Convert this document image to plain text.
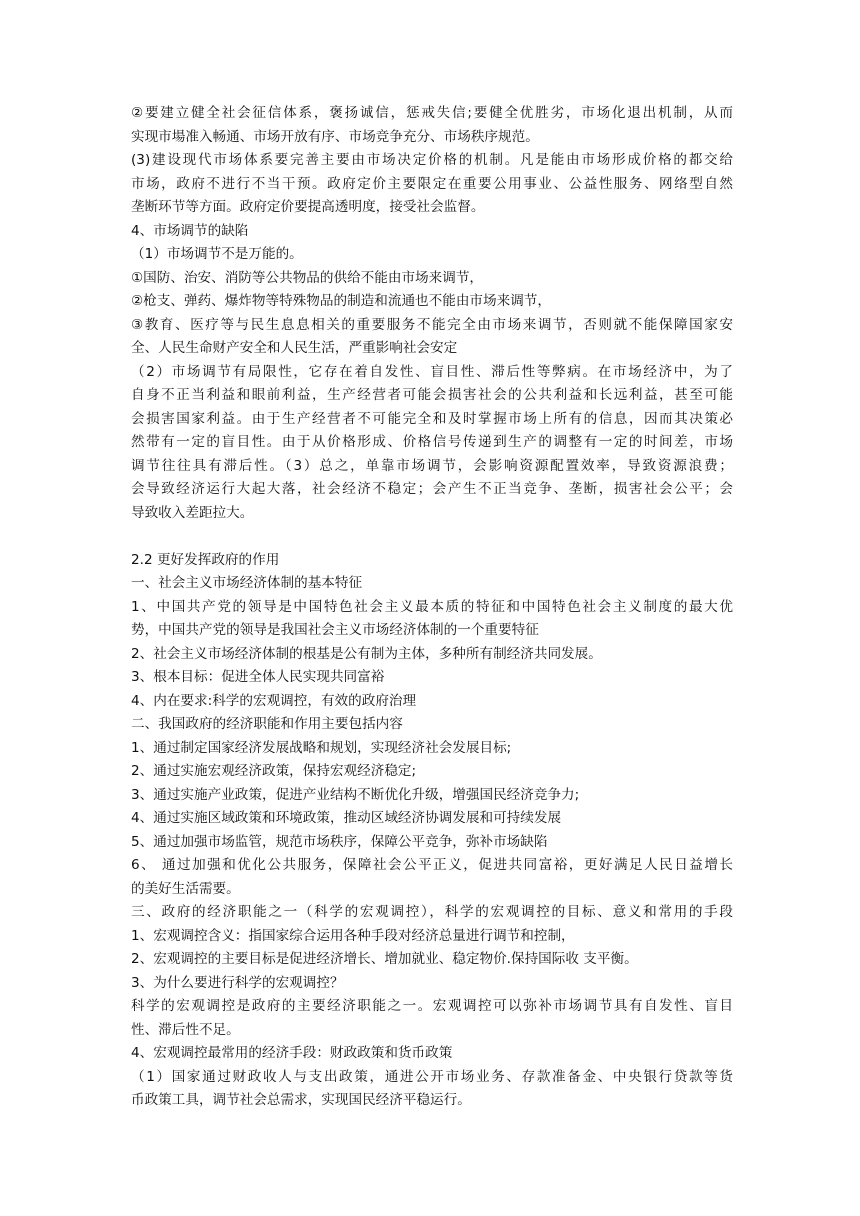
②要建立健全社会征信体系，褒扬诚信，惩戒失信;要健全优胜劣，市场化退出机制，从而
实现市場准入畅通、市场开放有序、市场竞争充分、市场秩序规范。
(3)建设现代市场体系要完善主要由市场决定价格的机制。凡是能由市场形成价格的都交给
市场，政府不进行不当干预。政府定价主要限定在重要公用事业、公益性服务、网络型自然
垄断环节等方面。政府定价要提高透明度，接受社会监督。
4、市场调节的缺陷
（1）市场调节不是万能的。
①国防、治安、消防等公共物品的供给不能由市场来调节，
②枪支、弹药、爆炸物等特殊物品的制造和流通也不能由市场来调节，
③教育、医疗等与民生息息相关的重要服务不能完全由市场来调节，否则就不能保障国家安
全、人民生命财产安全和人民生活，严重影响社会安定
（2）市场调节有局限性，它存在着自发性、盲目性、滞后性等弊病。在市场经济中，为了
自身不正当利益和眼前利益，生产经营者可能会损害社会的公共利益和长远利益，甚至可能
会损害国家利益。由于生产经营者不可能完全和及时掌握市场上所有的信息，因而其决策必
然带有一定的盲目性。由于从价格形成、价格信号传递到生产的调整有一定的时间差，市场
调节往往具有滞后性。（3）总之，单靠市场调节，会影响资源配置效率，导致资源浪费；
会导致经济运行大起大落，社会经济不稳定；会产生不正当竞争、垄断，损害社会公平；会
导致收入差距拉大。
2.2 更好发挥政府的作用
一、社会主义市场经济体制的基本特征
1、中国共产党的领导是中国特色社会主义最本质的特征和中国特色社会主义制度的最大优
势，中国共产党的领导是我国社会主义市场经济体制的一个重要特征
2、社会主义市场经济体制的根基是公有制为主体，多种所有制经济共同发展。
3、根本目标：促进全体人民实现共同富裕
4、内在要求:科学的宏观调控，有效的政府治理
二、我国政府的经济职能和作用主要包括内容
1、通过制定国家经济发展战略和规划，实现经济社会发展目标;
2、通过实施宏观经济政策，保持宏观经济稳定;
3、通过实施产业政策，促进产业结构不断优化升级，增强国民经济竞争力;
4、通过实施区域政策和环境政策，推动区域经济协调发展和可持续发展
5、通过加强市场监管，规范市场秩序，保障公平竞争，弥补市场缺陷
6、 通过加强和优化公共服务，保障社会公平正义，促进共同富裕，更好满足人民日益增长
的美好生活需要。
三、政府的经济职能之一（科学的宏观调控），科学的宏观调控的目标、意义和常用的手段
1、宏观调控含义：指国家综合运用各种手段对经济总量进行调节和控制，
2、宏观调控的主要目标是促进经济增长、增加就业、稳定物价.保持国际收 支平衡。
3、为什么要进行科学的宏观调控？
科学的宏观调控是政府的主要经济职能之一。宏观调控可以弥补市场调节具有自发性、盲目
性、滞后性不足。
4、宏观调控最常用的经济手段：财政政策和货币政策
（1）国家通过财政收人与支出政策，通进公开市场业务、存款准备金、中央银行贷款等货
币政策工具，调节社会总需求，实现国民经济平稳运行。
